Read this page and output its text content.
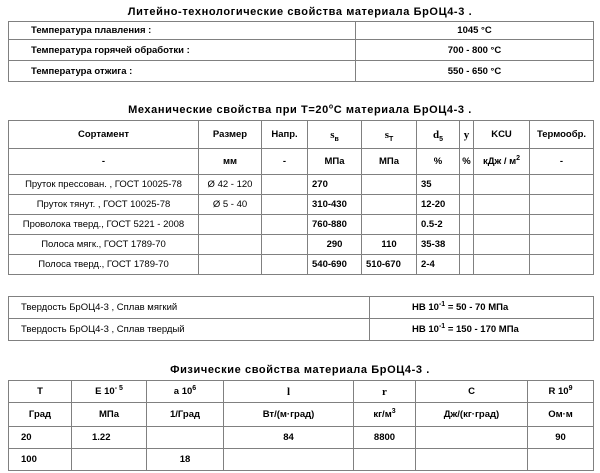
Литейно-технологические свойства материала БрОЦ4-3 .
Температура плавления :	1045 °C
Температура горячей обработки :	700 - 800 °C
Температура отжига :	550 - 650 °C
Механические свойства при $Т=20^oС$ материала БрОЦ4-3 .
Сортамент	Размер	Напр.	$s_в$	$s_T$	$d_5$	y	KCU	Термообр.
-	мм	-	МПа	МПа	%	%	кДж / $м^2$	-
Пруток прессован. , ГОСТ 10025-78	Ø 42 - 120		270		35			
Пруток тянут. , ГОСТ 10025-78	Ø 5 - 40		310-430		12-20			
Проволока тверд., ГОСТ 5221 - 2008			760-880		0.5-2			
Полоса мягк., ГОСТ 1789-70			290	110	35-38			
Полоса тверд., ГОСТ 1789-70			540-690	510-670	2-4			
Твердость БрОЦ4-3 , Сплав мягкий	HB $10^{-1} = 50 - 70$ МПа
Твердость БрОЦ4-3 , Сплав твердый	HB $10^{-1} = 150 - 170$ МПа
Физические свойства материала БрОЦ4-3 .
T	E $10^{- 5}$	a $10^6$	l	r	C	R $10^9$
Град	МПа	1/Град	Вт/(м·град)	$кг/м^3$	Дж/(кг·град)	Ом·м
20	1.22		84	8800		90
100		18				
